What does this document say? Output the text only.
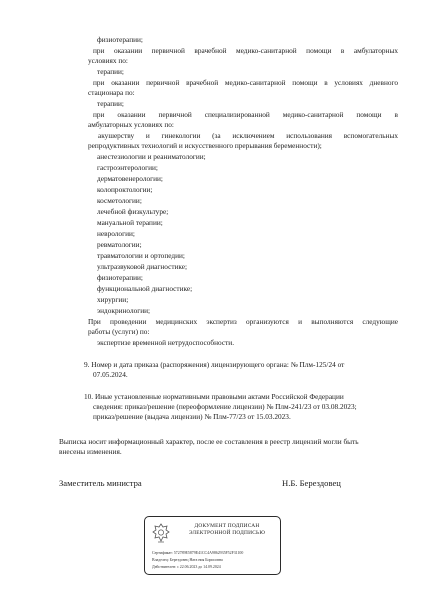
физиотерапии;
при оказании первичной врачебной медико-санитарной помощи в амбулаторных
условиях по:
терапии;
при оказании первичной врачебной медико-санитарной помощи в условиях дневного
стационара по:
терапии;
при оказании первичной специализированной медико-санитарной помощи в
амбулаторных условиях по:
акушерству и гинекологии (за исключением использования вспомогательных
репродуктивных технологий и искусственного прерывания беременности);
анестезиологии и реаниматологии;
гастроэнтерологии;
дерматовенерологии;
колопроктологии;
косметологии;
лечебной физкультуре;
мануальной терапии;
неврологии;
ревматологии;
травматологии и ортопедии;
ультразвуковой диагностике;
физиотерапии;
функциональной диагностике;
хирургии;
эндокринологии;
При проведении медицинских экспертиз организуются и выполняются следующие
работы (услуги) по:
экспертизе временной нетрудоспособности.
9. Номер и дата приказа (распоряжения) лицензирующего органа: № Плм-125/24 от
07.05.2024.
10. Иные установленные нормативными правовыми актами Российской Федерации
сведения: приказ/решение (переоформление лицензии) № Плм-241/23 от 03.08.2023;
приказ/решение (выдача лицензии) № Плм-77/23 от 15.03.2023.
Выписка носит информационный характер, после ее составления в реестр лицензий могли быть
внесены изменения.
Заместитель министра	Н.Б. Берездовец
ДОКУМЕНТ ПОДПИСАН
ЭЛЕКТРОННОЙ ПОДПИСЬЮ
Сертификат: 572789E5879E41CC4A9862935F52F31100
Владелец: Берездовец Ната ния Борисовна
Действителен: с 22.06.2023 до 14.09.2024
